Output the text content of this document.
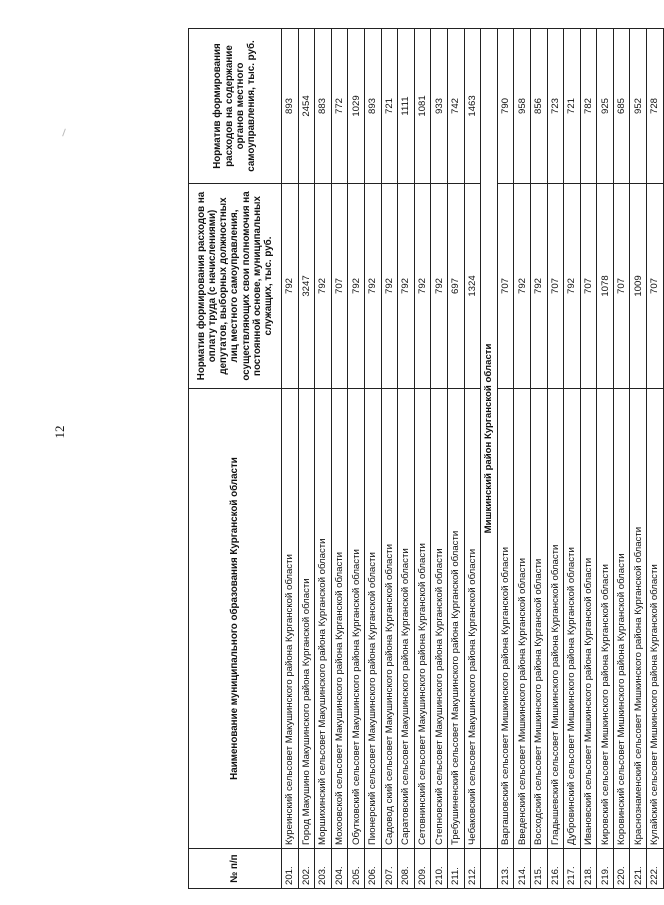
12
№ п/п	Наименование муниципального образования Курганской области	Норматив формирования расходов на оплату труда (с начислениями) депутатов, выборных должностных лиц местного самоуправления, осуществляющих свои полномочия на постоянной основе, муниципальных служащих, тыс. руб.	Норматив формирования расходов на содержание органов местного самоуправления, тыс. руб.
201.	Куреинский сельсовет Макушинского района Курганской области	792	893
202.	Город Макушино Макушинского района Курганской области	3247	2454
203.	Моршихинский сельсовет Макушинского района Курганской области	792	883
204.	Мохоовской сельсовет Макушинского района Курганской области	707	772
205.	Обутковский сельсовет Макушинского района Курганской области	792	1029
206.	Пионерский сельсовет Макушинского района Курганской области	792	893
207.	Садовод ский сельсовет Макушинского района Курганской области	792	721
208.	Саратовский сельсовет Макушинского района Курганской области	792	1111
209.	Сетовнинский сельсовет Макушинского района Курганской области	792	1081
210.	Степновский сельсовет Макушинского района Курганской области	792	933
211.	Требушиненский сельсовет Макушинского района Курганской области	697	742
212.	Чебаковский сельсовет Макушинского района Курганской области	1324	1463
	Мишкинский район Курганской области		
213.	Варгашовский сельсовет Мишкинского района Курганской области	707	790
214.	Введенский сельсовет Мишкинского района Курганской области	792	958
215.	Восходский сельсовет Мишкинского района Курганской области	792	856
216.	Гладышевский сельсовет Мишкинского района Курганской области	707	723
217.	Дубровинский сельсовет Мишкинского района Курганской области	792	721
218.	Ивановский сельсовет Мишкинского района Курганской области	707	782
219.	Кировский сельсовет Мишкинского района Курганской области	1078	925
220.	Коровинский сельсовет Мишкинского района Курганской области	707	685
221.	Краснознаменский сельсовет Мишкинского района Курганской области	1009	952
222.	Кулайский сельсовет Мишкинского района Курганской области	707	728
